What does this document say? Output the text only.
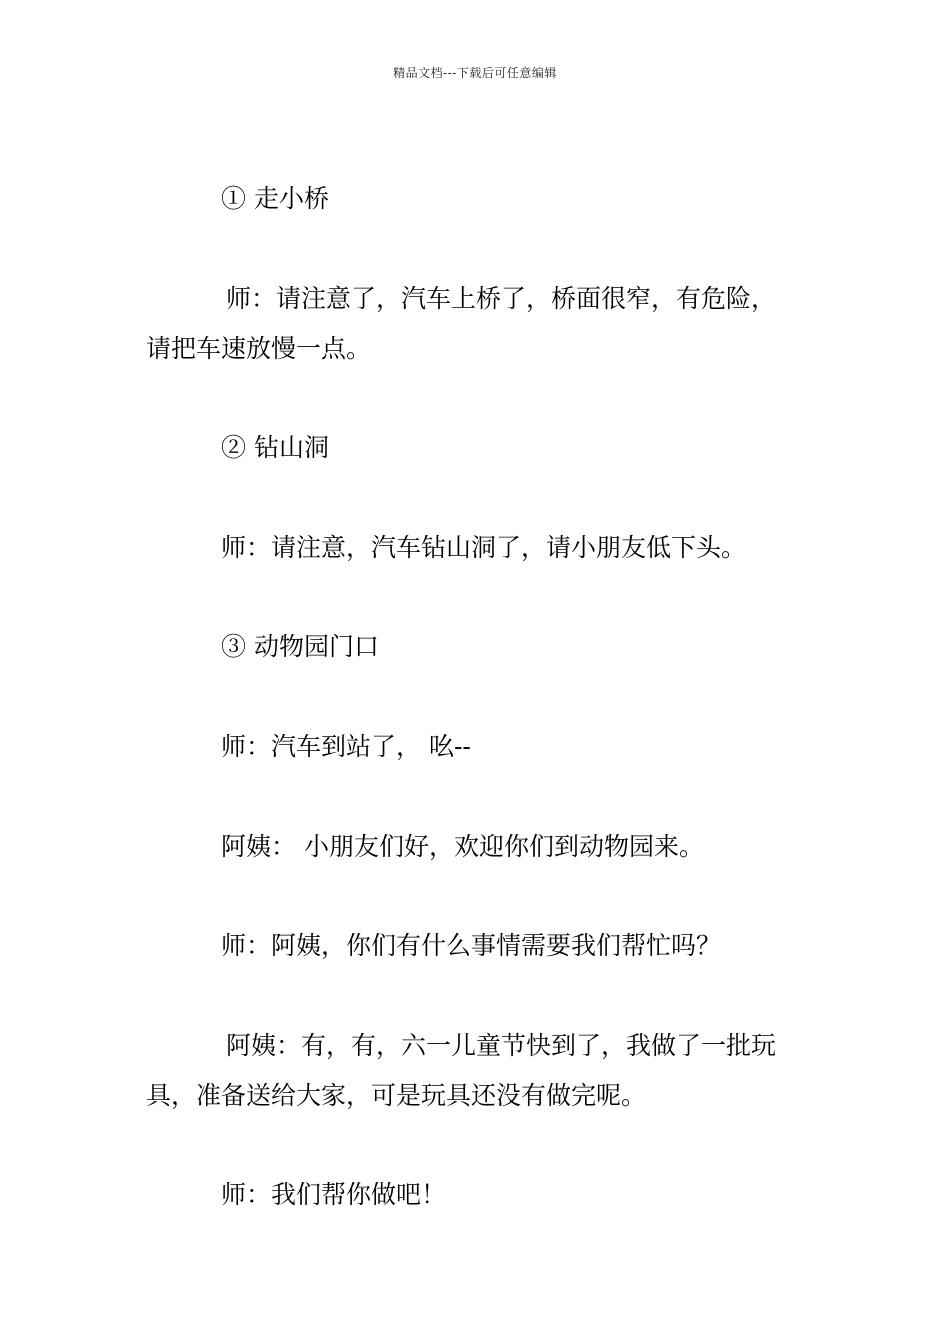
精品文档---下载后可任意编辑

① 走小桥

师：请注意了，汽车上桥了，桥面很窄，有危险，

请把车速放慢一点。

② 钻山洞

师：请注意，汽车钻山洞了，请小朋友低下头。

③ 动物园门口

师：汽车到站了， 吆--

阿姨： 小朋友们好，欢迎你们到动物园来。

师：阿姨，你们有什么事情需要我们帮忙吗？

阿姨：有，有，六一儿童节快到了，我做了一批玩

具，准备送给大家，可是玩具还没有做完呢。

师：我们帮你做吧！
